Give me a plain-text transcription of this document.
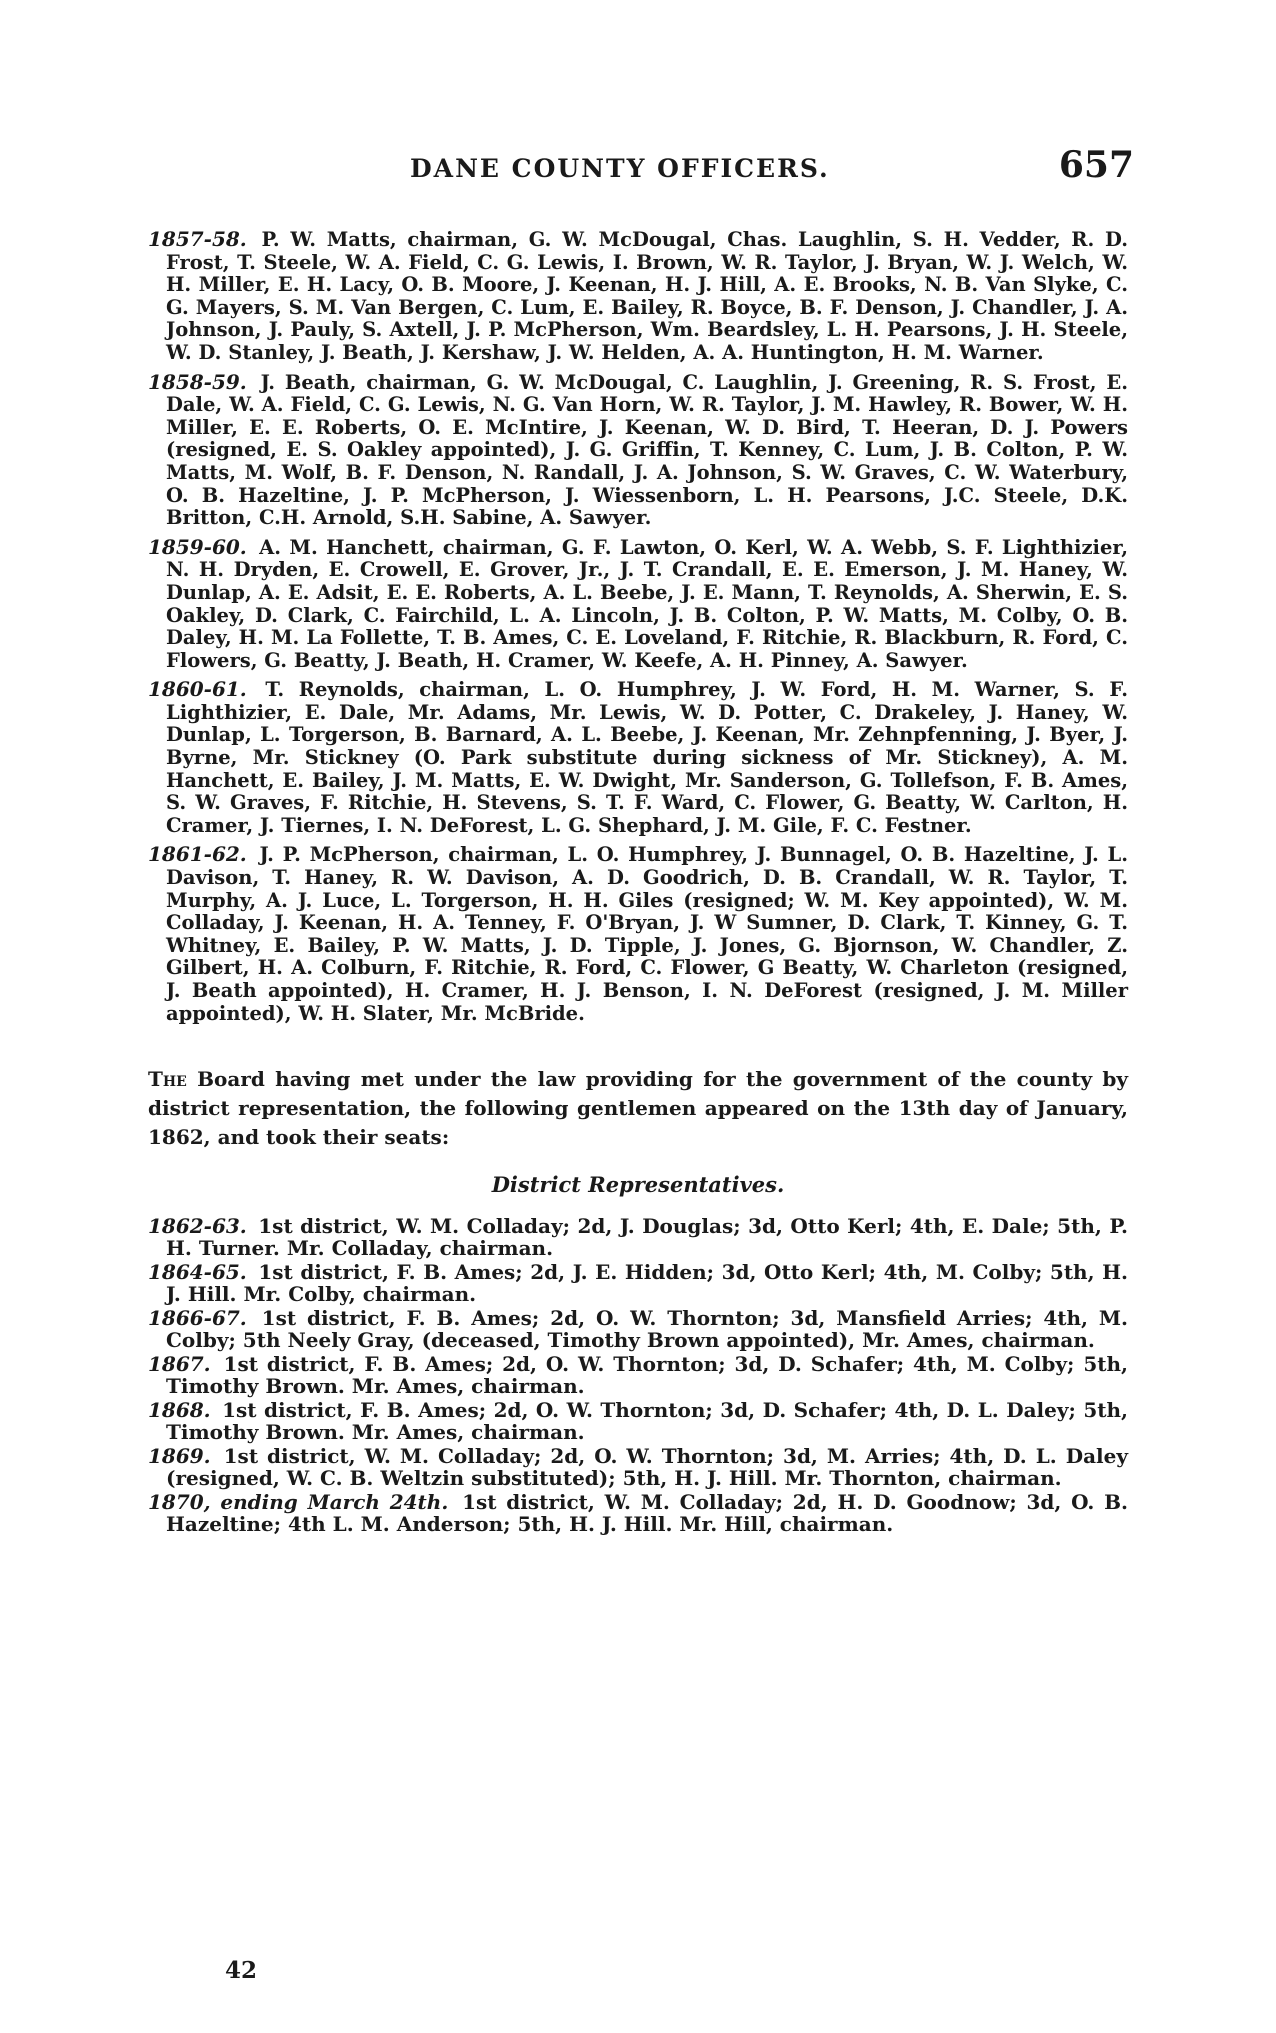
DANE COUNTY OFFICERS.	657

1857-58. P. W. Matts, chairman, G. W. McDougal, Chas. Laughlin, S. H. Vedder, R. D. Frost, T. Steele, W. A. Field, C. G. Lewis, I. Brown, W. R. Taylor, J. Bryan, W. J. Welch, W. H. Miller, E. H. Lacy, O. B. Moore, J. Keenan, H. J. Hill, A. E. Brooks, N. B. Van Slyke, C. G. Mayers, S. M. Van Bergen, C. Lum, E. Bailey, R. Boyce, B. F. Denson, J. Chandler, J. A. Johnson, J. Pauly, S. Axtell, J. P. McPherson, Wm. Beardsley, L. H. Pearsons, J. H. Steele, W. D. Stanley, J. Beath, J. Kershaw, J. W. Helden, A. A. Huntington, H. M. Warner.

1858-59. J. Beath, chairman, G. W. McDougal, C. Laughlin, J. Greening, R. S. Frost, E. Dale, W. A. Field, C. G. Lewis, N. G. Van Horn, W. R. Taylor, J. M. Hawley, R. Bower, W. H. Miller, E. E. Roberts, O. E. McIntire, J. Keenan, W. D. Bird, T. Heeran, D. J. Powers (resigned, E. S. Oakley appointed), J. G. Griffin, T. Kenney, C. Lum, J. B. Colton, P. W. Matts, M. Wolf, B. F. Denson, N. Randall, J. A. Johnson, S. W. Graves, C. W. Waterbury, O. B. Hazeltine, J. P. McPherson, J. Wiessenborn, L. H. Pearsons, J.C. Steele, D.K. Britton, C.H. Arnold, S.H. Sabine, A. Sawyer.

1859-60. A. M. Hanchett, chairman, G. F. Lawton, O. Kerl, W. A. Webb, S. F. Lighthizier, N. H. Dryden, E. Crowell, E. Grover, Jr., J. T. Crandall, E. E. Emerson, J. M. Haney, W. Dunlap, A. E. Adsit, E. E. Roberts, A. L. Beebe, J. E. Mann, T. Reynolds, A. Sherwin, E. S. Oakley, D. Clark, C. Fairchild, L. A. Lincoln, J. B. Colton, P. W. Matts, M. Colby, O. B. Daley, H. M. La Follette, T. B. Ames, C. E. Loveland, F. Ritchie, R. Blackburn, R. Ford, C. Flowers, G. Beatty, J. Beath, H. Cramer, W. Keefe, A. H. Pinney, A. Sawyer.

1860-61. T. Reynolds, chairman, L. O. Humphrey, J. W. Ford, H. M. Warner, S. F. Lighthizier, E. Dale, Mr. Adams, Mr. Lewis, W. D. Potter, C. Drakeley, J. Haney, W. Dunlap, L. Torgerson, B. Barnard, A. L. Beebe, J. Keenan, Mr. Zehnpfenning, J. Byer, J. Byrne, Mr. Stickney (O. Park substitute during sickness of Mr. Stickney), A. M. Hanchett, E. Bailey, J. M. Matts, E. W. Dwight, Mr. Sanderson, G. Tollefson, F. B. Ames, S. W. Graves, F. Ritchie, H. Stevens, S. T. F. Ward, C. Flower, G. Beatty, W. Carlton, H. Cramer, J. Tiernes, I. N. DeForest, L. G. Shephard, J. M. Gile, F. C. Festner.

1861-62. J. P. McPherson, chairman, L. O. Humphrey, J. Bunnagel, O. B. Hazeltine, J. L. Davison, T. Haney, R. W. Davison, A. D. Goodrich, D. B. Crandall, W. R. Taylor, T. Murphy, A. J. Luce, L. Torgerson, H. H. Giles (resigned; W. M. Key appointed), W. M. Colladay, J. Keenan, H. A. Tenney, F. O'Bryan, J. W Sumner, D. Clark, T. Kinney, G. T. Whitney, E. Bailey, P. W. Matts, J. D. Tipple, J. Jones, G. Bjornson, W. Chandler, Z. Gilbert, H. A. Colburn, F. Ritchie, R. Ford, C. Flower, G Beatty, W. Charleton (resigned, J. Beath appointed), H. Cramer, H. J. Benson, I. N. DeForest (resigned, J. M. Miller appointed), W. H. Slater, Mr. McBride.

The Board having met under the law providing for the government of the county by district representation, the following gentlemen appeared on the 13th day of January, 1862, and took their seats:

District Representatives.

1862-63. 1st district, W. M. Colladay; 2d, J. Douglas; 3d, Otto Kerl; 4th, E. Dale; 5th, P. H. Turner. Mr. Colladay, chairman.

1864-65. 1st district, F. B. Ames; 2d, J. E. Hidden; 3d, Otto Kerl; 4th, M. Colby; 5th, H. J. Hill. Mr. Colby, chairman.

1866-67. 1st district, F. B. Ames; 2d, O. W. Thornton; 3d, Mansfield Arries; 4th, M. Colby; 5th Neely Gray, (deceased, Timothy Brown appointed), Mr. Ames, chairman.

1867. 1st district, F. B. Ames; 2d, O. W. Thornton; 3d, D. Schafer; 4th, M. Colby; 5th, Timothy Brown. Mr. Ames, chairman.

1868. 1st district, F. B. Ames; 2d, O. W. Thornton; 3d, D. Schafer; 4th, D. L. Daley; 5th, Timothy Brown. Mr. Ames, chairman.

1869. 1st district, W. M. Colladay; 2d, O. W. Thornton; 3d, M. Arries; 4th, D. L. Daley (resigned, W. C. B. Weltzin substituted); 5th, H. J. Hill. Mr. Thornton, chairman.

1870, ending March 24th. 1st district, W. M. Colladay; 2d, H. D. Goodnow; 3d, O. B. Hazeltine; 4th L. M. Anderson; 5th, H. J. Hill. Mr. Hill, chairman.

42
